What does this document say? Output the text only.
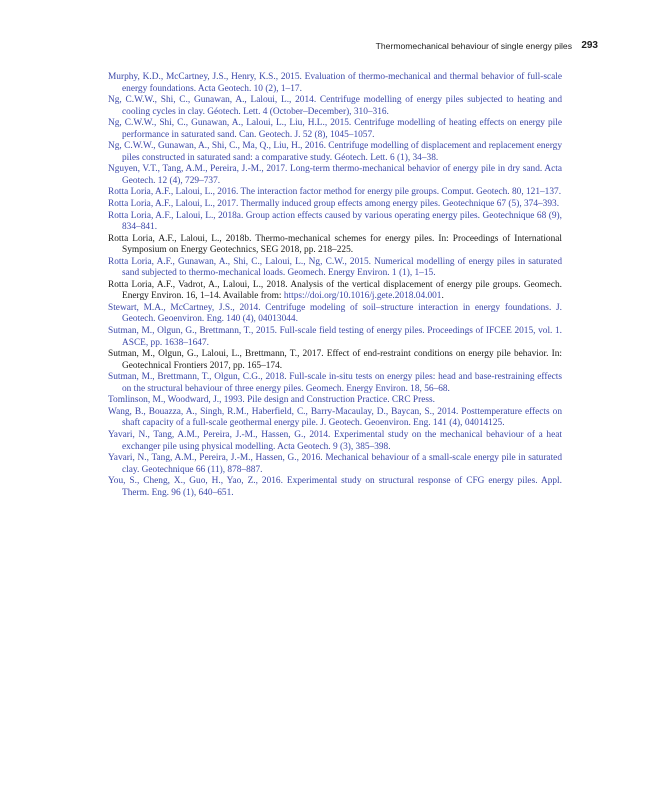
Thermomechanical behaviour of single energy piles 293

Murphy, K.D., McCartney, J.S., Henry, K.S., 2015. Evaluation of thermo-mechanical and thermal behavior of full-scale energy foundations. Acta Geotech. 10 (2), 1–17.

Ng, C.W.W., Shi, C., Gunawan, A., Laloui, L., 2014. Centrifuge modelling of energy piles subjected to heating and cooling cycles in clay. Géotech. Lett. 4 (October–December), 310–316.

Ng, C.W.W., Shi, C., Gunawan, A., Laloui, L., Liu, H.L., 2015. Centrifuge modelling of heating effects on energy pile performance in saturated sand. Can. Geotech. J. 52 (8), 1045–1057.

Ng, C.W.W., Gunawan, A., Shi, C., Ma, Q., Liu, H., 2016. Centrifuge modelling of displacement and replacement energy piles constructed in saturated sand: a comparative study. Géotech. Lett. 6 (1), 34–38.

Nguyen, V.T., Tang, A.M., Pereira, J.-M., 2017. Long-term thermo-mechanical behavior of energy pile in dry sand. Acta Geotech. 12 (4), 729–737.

Rotta Loria, A.F., Laloui, L., 2016. The interaction factor method for energy pile groups. Comput. Geotech. 80, 121–137.

Rotta Loria, A.F., Laloui, L., 2017. Thermally induced group effects among energy piles. Geotechnique 67 (5), 374–393.

Rotta Loria, A.F., Laloui, L., 2018a. Group action effects caused by various operating energy piles. Geotechnique 68 (9), 834–841.

Rotta Loria, A.F., Laloui, L., 2018b. Thermo-mechanical schemes for energy piles. In: Proceedings of International Symposium on Energy Geotechnics, SEG 2018, pp. 218–225.

Rotta Loria, A.F., Gunawan, A., Shi, C., Laloui, L., Ng, C.W., 2015. Numerical modelling of energy piles in saturated sand subjected to thermo-mechanical loads. Geomech. Energy Environ. 1 (1), 1–15.

Rotta Loria, A.F., Vadrot, A., Laloui, L., 2018. Analysis of the vertical displacement of energy pile groups. Geomech. Energy Environ. 16, 1–14. Available from: https://doi.org/10.1016/j.gete.2018.04.001.

Stewart, M.A., McCartney, J.S., 2014. Centrifuge modeling of soil–structure interaction in energy foundations. J. Geotech. Geoenviron. Eng. 140 (4), 04013044.

Sutman, M., Olgun, G., Brettmann, T., 2015. Full-scale field testing of energy piles. Proceedings of IFCEE 2015, vol. 1. ASCE, pp. 1638–1647.

Sutman, M., Olgun, G., Laloui, L., Brettmann, T., 2017. Effect of end-restraint conditions on energy pile behavior. In: Geotechnical Frontiers 2017, pp. 165–174.

Sutman, M., Brettmann, T., Olgun, C.G., 2018. Full-scale in-situ tests on energy piles: head and base-restraining effects on the structural behaviour of three energy piles. Geomech. Energy Environ. 18, 56–68.

Tomlinson, M., Woodward, J., 1993. Pile design and Construction Practice. CRC Press.

Wang, B., Bouazza, A., Singh, R.M., Haberfield, C., Barry-Macaulay, D., Baycan, S., 2014. Posttemperature effects on shaft capacity of a full-scale geothermal energy pile. J. Geotech. Geoenviron. Eng. 141 (4), 04014125.

Yavari, N., Tang, A.M., Pereira, J.-M., Hassen, G., 2014. Experimental study on the mechanical behaviour of a heat exchanger pile using physical modelling. Acta Geotech. 9 (3), 385–398.

Yavari, N., Tang, A.M., Pereira, J.-M., Hassen, G., 2016. Mechanical behaviour of a small-scale energy pile in saturated clay. Geotechnique 66 (11), 878–887.

You, S., Cheng, X., Guo, H., Yao, Z., 2016. Experimental study on structural response of CFG energy piles. Appl. Therm. Eng. 96 (1), 640–651.
